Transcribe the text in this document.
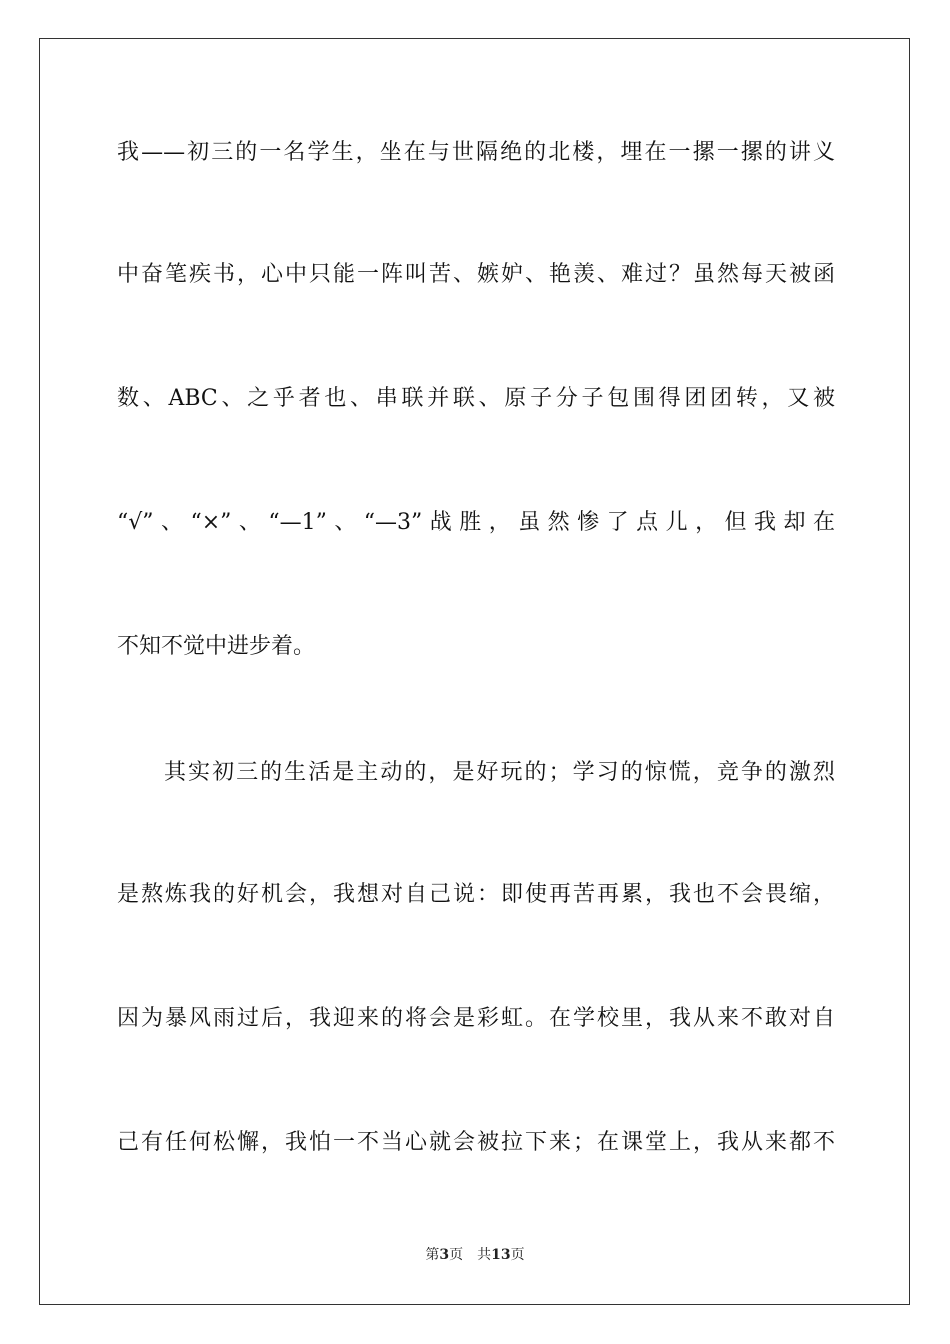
我——初三的一名学生，坐在与世隔绝的北楼，埋在一摞一摞的讲义
中奋笔疾书，心中只能一阵叫苦、嫉妒、艳羡、难过？虽然每天被函
数、ABC、之乎者也、串联并联、原子分子包围得团团转，又被
“√”、“×”、“—1”、“—3”战胜，虽然惨了点儿，但我却在
不知不觉中进步着。
其实初三的生活是主动的，是好玩的；学习的惊慌，竞争的激烈
是熬炼我的好机会，我想对自己说：即使再苦再累，我也不会畏缩，
因为暴风雨过后，我迎来的将会是彩虹。在学校里，我从来不敢对自
己有任何松懈，我怕一不当心就会被拉下来；在课堂上，我从来都不
第3页 共13页
